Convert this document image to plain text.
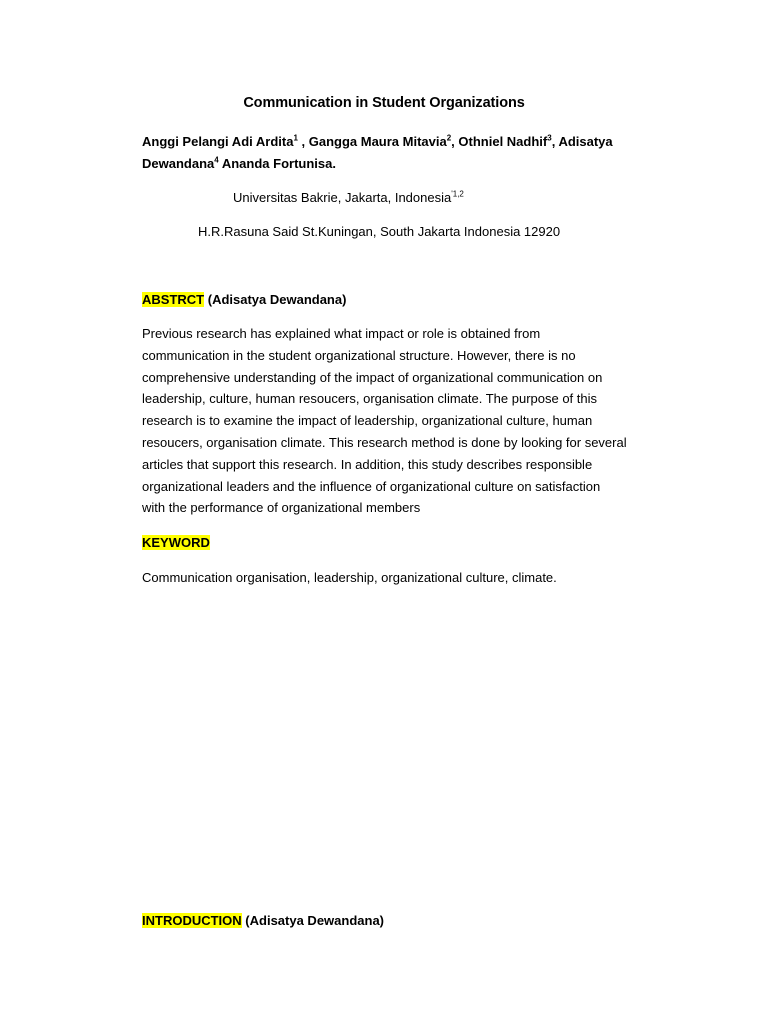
Communication in Student Organizations
Anggi Pelangi Adi Ardita$^1$ , Gangga Maura Mitavia$^2$, Othniel Nadhif$^3$, Adisatya Dewandana$^4$ Ananda Fortunisa.
Universitas Bakrie, Jakarta, Indonesia$^{'1,2}$
H.R.Rasuna Said St.Kuningan, South Jakarta Indonesia 12920
ABSTRCT (Adisatya Dewandana)
Previous research has explained what impact or role is obtained from
communication in the student organizational structure. However, there is no
comprehensive understanding of the impact of organizational communication on
leadership, culture, human resoucers, organisation climate. The purpose of this
research is to examine the impact of leadership, organizational culture, human
resoucers, organisation climate. This research method is done by looking for several
articles that support this research. In addition, this study describes responsible
organizational leaders and the influence of organizational culture on satisfaction
with the performance of organizational members
KEYWORD
Communication organisation, leadership, organizational culture, climate.
INTRODUCTION (Adisatya Dewandana)
